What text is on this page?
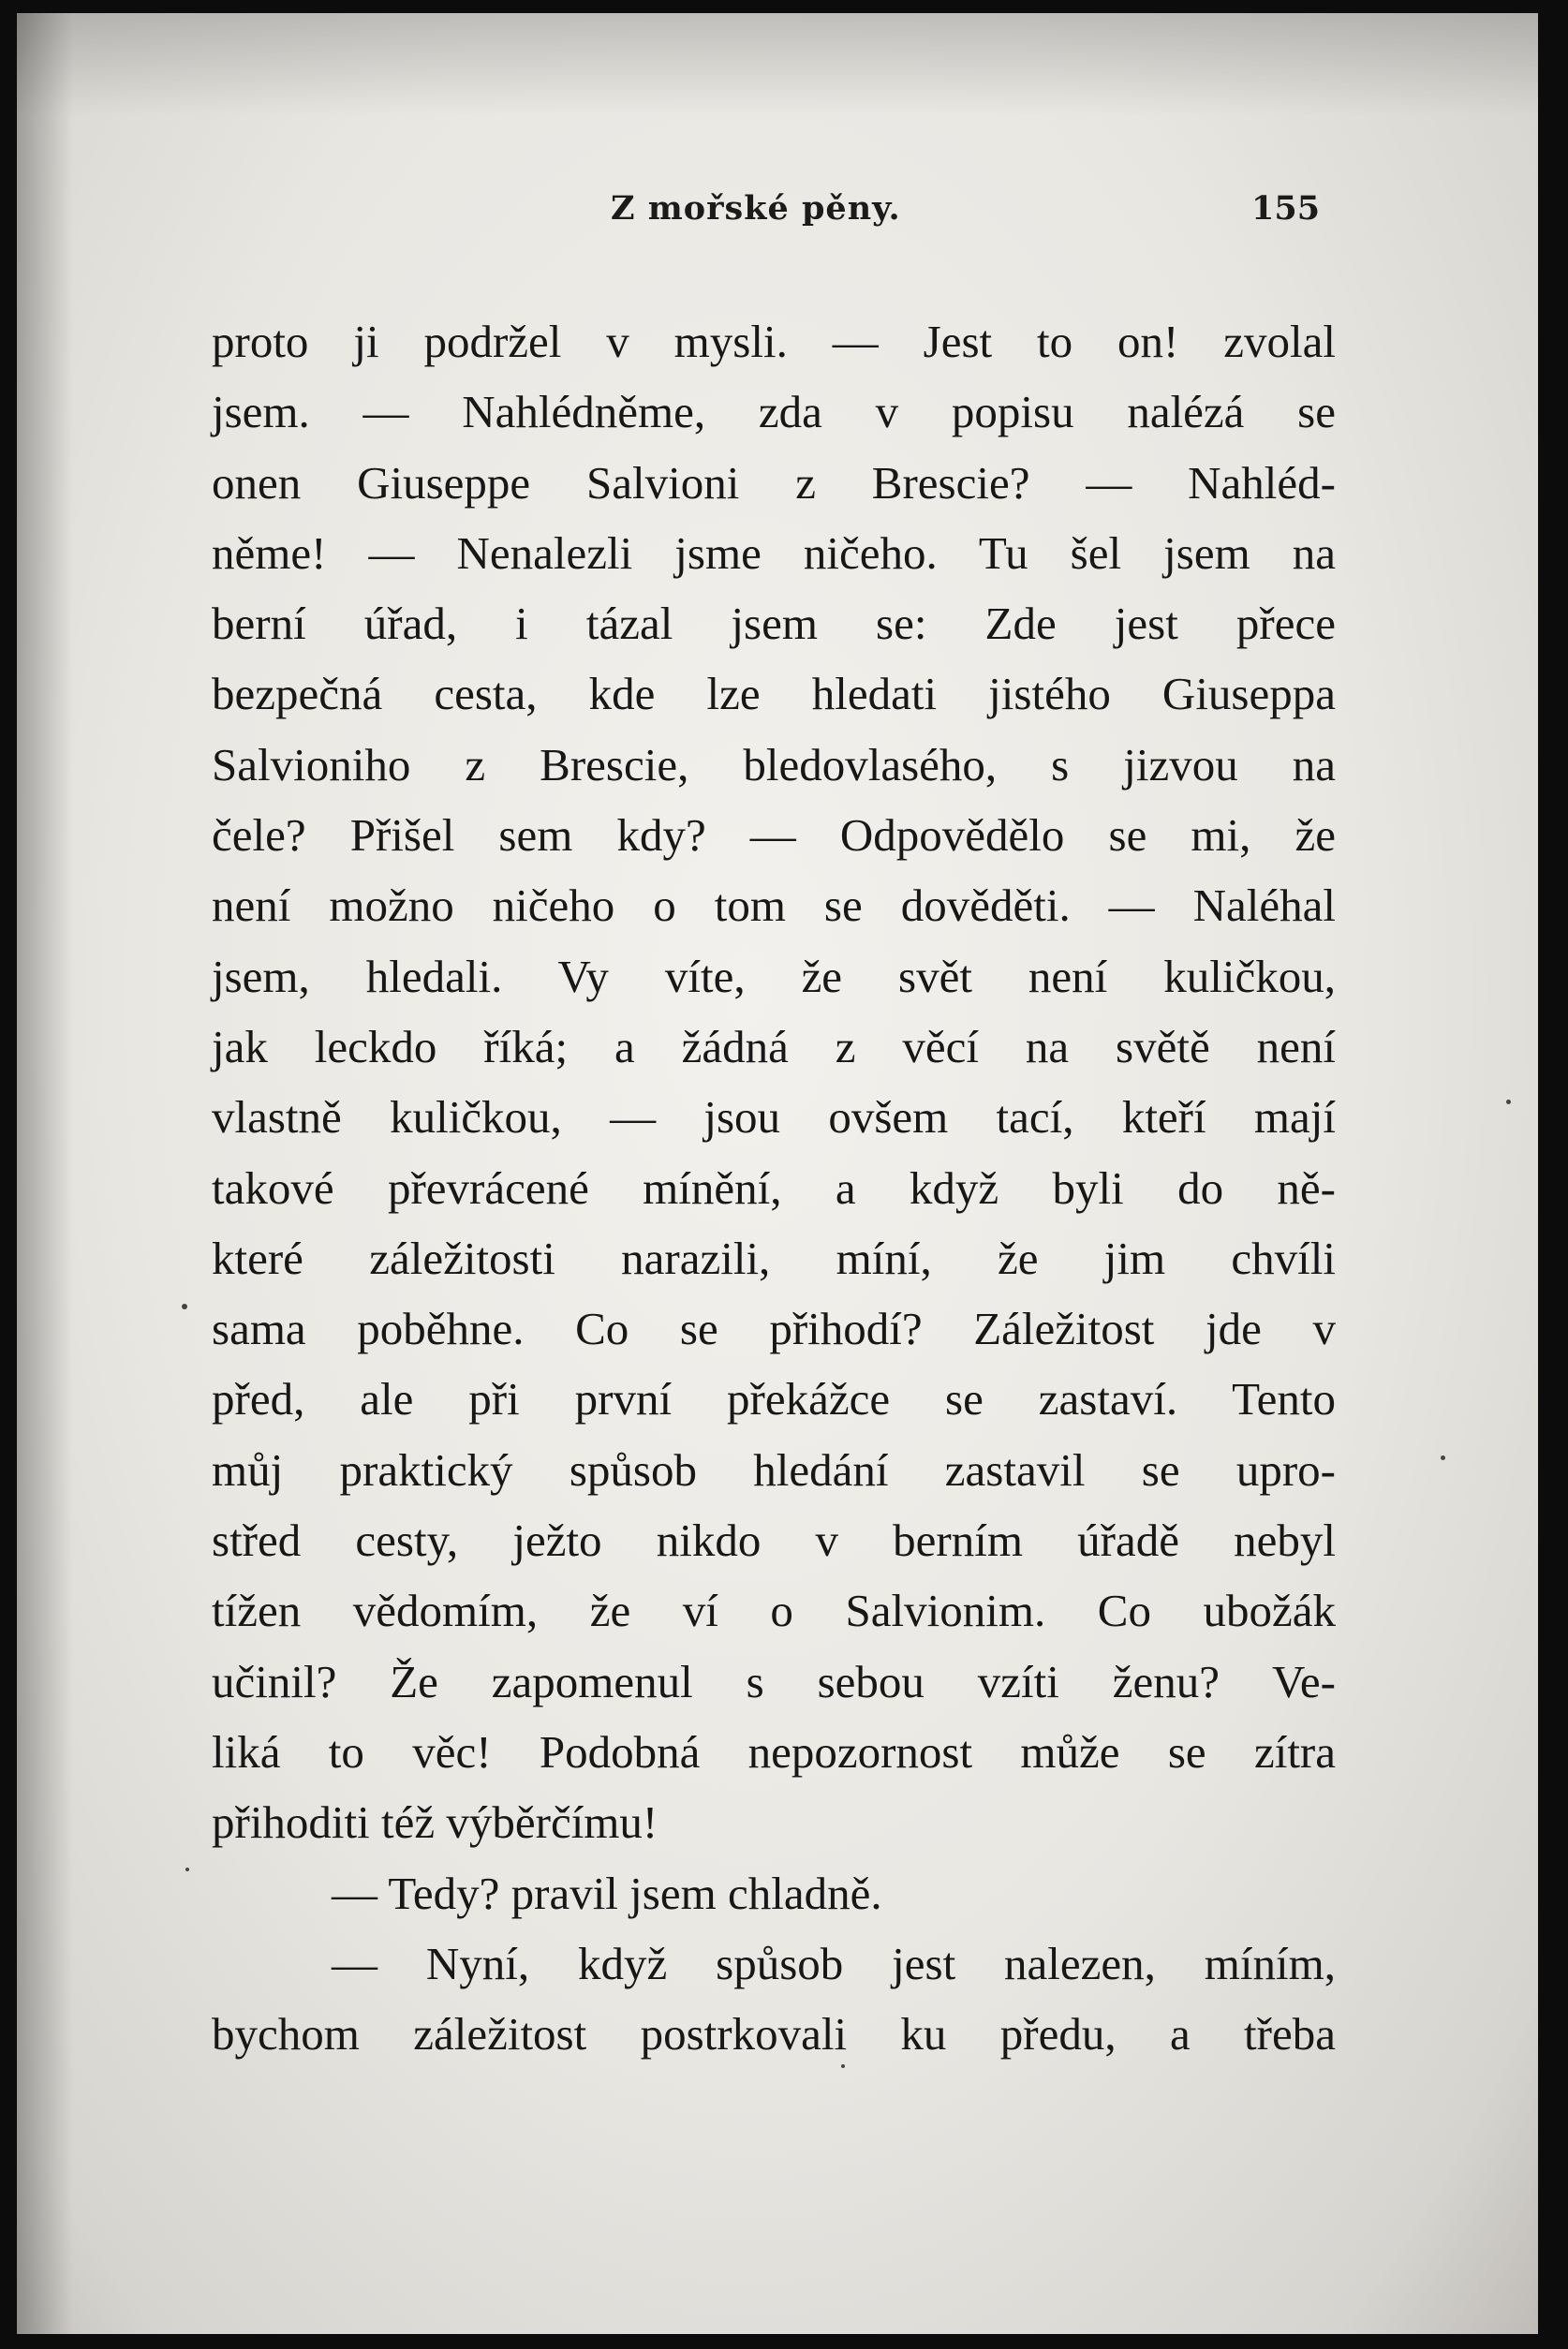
Z mořské pěny.	155
proto ji podržel v mysli. — Jest to on! zvolal
jsem. — Nahlédněme, zda v popisu nalézá se
onen Giuseppe Salvioni z Brescie? — Nahléd-
něme! — Nenalezli jsme ničeho. Tu šel jsem na
berní úřad, i tázal jsem se: Zde jest přece
bezpečná cesta, kde lze hledati jistého Giuseppa
Salvioniho z Brescie, bledovlasého, s jizvou na
čele? Přišel sem kdy? — Odpovědělo se mi, že
není možno ničeho o tom se dověděti. — Naléhal
jsem, hledali. Vy víte, že svět není kuličkou,
jak leckdo říká; a žádná z věcí na světě není
vlastně kuličkou, — jsou ovšem tací, kteří mají
takové převrácené mínění, a když byli do ně-
které záležitosti narazili, míní, že jim chvíli
sama poběhne. Co se přihodí? Záležitost jde v
před, ale při první překážce se zastaví. Tento
můj praktický spůsob hledání zastavil se upro-
střed cesty, ježto nikdo v berním úřadě nebyl
tížen vědomím, že ví o Salvionim. Co ubožák
učinil? Že zapomenul s sebou vzíti ženu? Ve-
liká to věc! Podobná nepozornost může se zítra
přihoditi též výběrčímu!
— Tedy? pravil jsem chladně.
— Nyní, když spůsob jest nalezen, míním,
bychom záležitost postrkovali ku předu, a třeba
